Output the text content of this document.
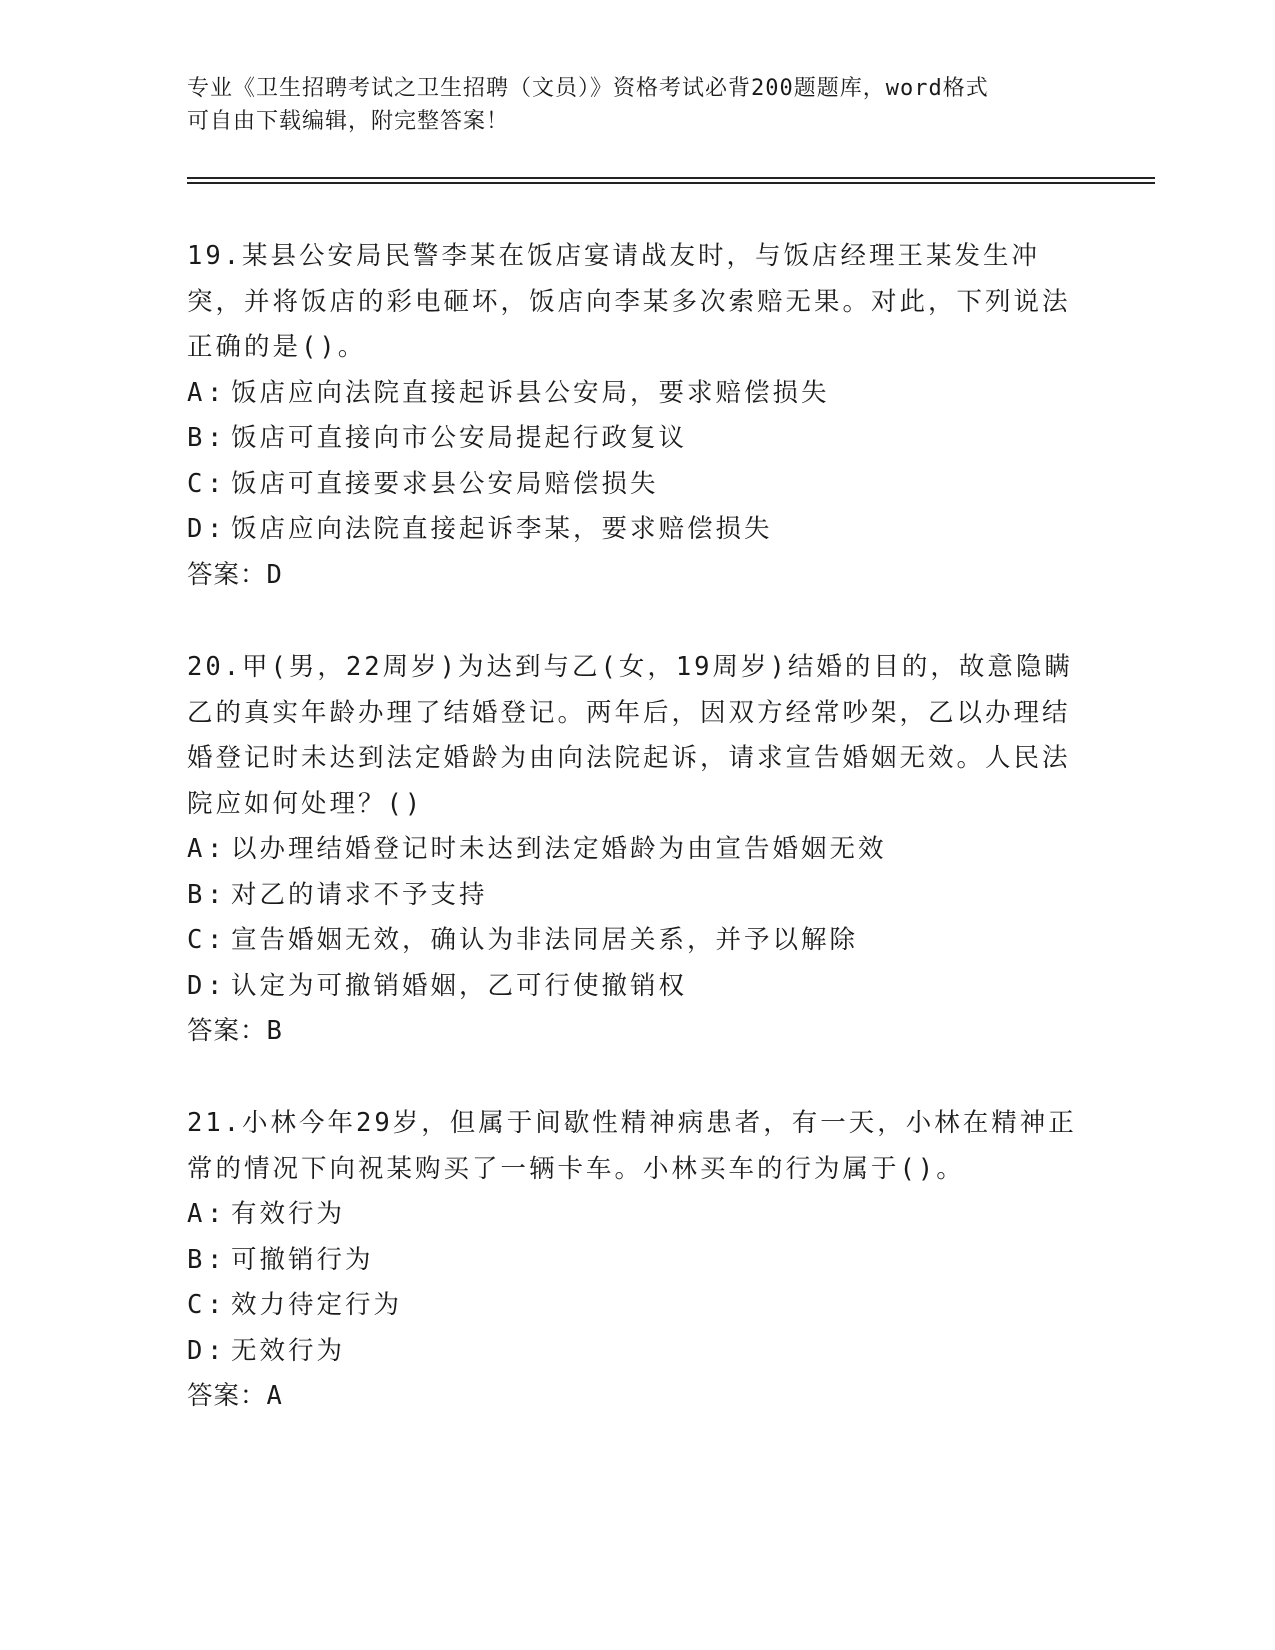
专业《卫生招聘考试之卫生招聘（文员）》资格考试必背200题题库，word格式
可自由下载编辑，附完整答案！
19.某县公安局民警李某在饭店宴请战友时，与饭店经理王某发生冲突，并将饭店的彩电砸坏，饭店向李某多次索赔无果。对此，下列说法正确的是()。
A : 饭店应向法院直接起诉县公安局，要求赔偿损失
B : 饭店可直接向市公安局提起行政复议
C : 饭店可直接要求县公安局赔偿损失
D : 饭店应向法院直接起诉李某，要求赔偿损失
答案：D
20.甲(男，22周岁)为达到与乙(女，19周岁)结婚的目的，故意隐瞒乙的真实年龄办理了结婚登记。两年后，因双方经常吵架，乙以办理结婚登记时未达到法定婚龄为由向法院起诉，请求宣告婚姻无效。人民法院应如何处理？()
A : 以办理结婚登记时未达到法定婚龄为由宣告婚姻无效
B : 对乙的请求不予支持
C : 宣告婚姻无效，确认为非法同居关系，并予以解除
D : 认定为可撤销婚姻，乙可行使撤销权
答案：B
21.小林今年29岁，但属于间歇性精神病患者，有一天，小林在精神正常的情况下向祝某购买了一辆卡车。小林买车的行为属于()。
A : 有效行为
B : 可撤销行为
C : 效力待定行为
D : 无效行为
答案：A
